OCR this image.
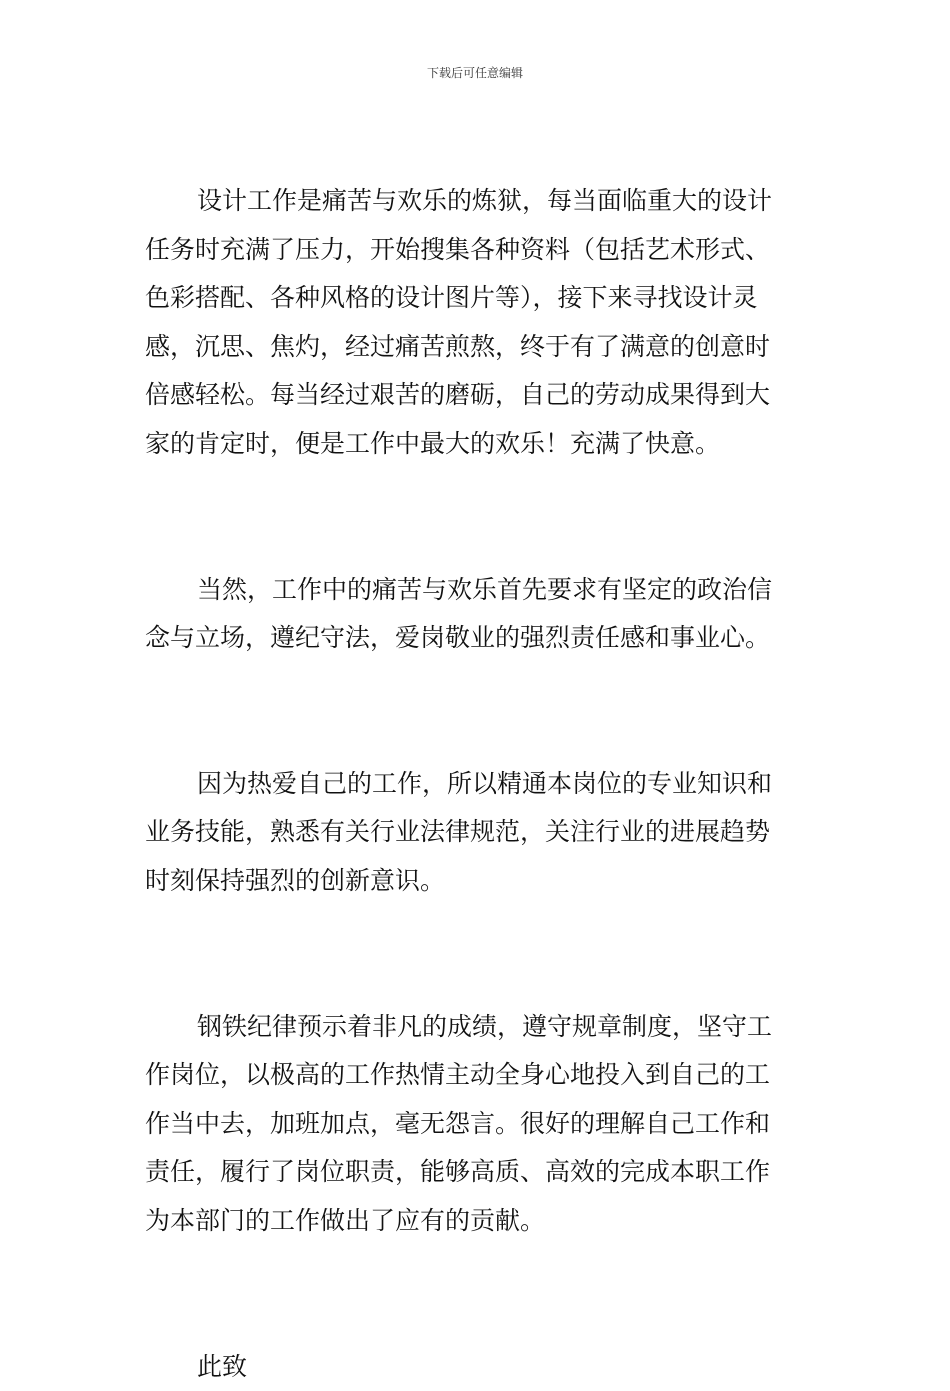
下载后可任意编辑

设计工作是痛苦与欢乐的炼狱，每当面临重大的设计
任务时充满了压力，开始搜集各种资料（包括艺术形式、
色彩搭配、各种风格的设计图片等），接下来寻找设计灵
感，沉思、焦灼，经过痛苦煎熬，终于有了满意的创意时
倍感轻松。每当经过艰苦的磨砺，自己的劳动成果得到大
家的肯定时，便是工作中最大的欢乐！充满了快意。

当然，工作中的痛苦与欢乐首先要求有坚定的政治信
念与立场，遵纪守法，爱岗敬业的强烈责任感和事业心。

因为热爱自己的工作，所以精通本岗位的专业知识和
业务技能，熟悉有关行业法律规范，关注行业的进展趋势
时刻保持强烈的创新意识。

钢铁纪律预示着非凡的成绩，遵守规章制度，坚守工
作岗位，以极高的工作热情主动全身心地投入到自己的工
作当中去，加班加点，毫无怨言。很好的理解自己工作和
责任，履行了岗位职责，能够高质、高效的完成本职工作
为本部门的工作做出了应有的贡献。

此致
